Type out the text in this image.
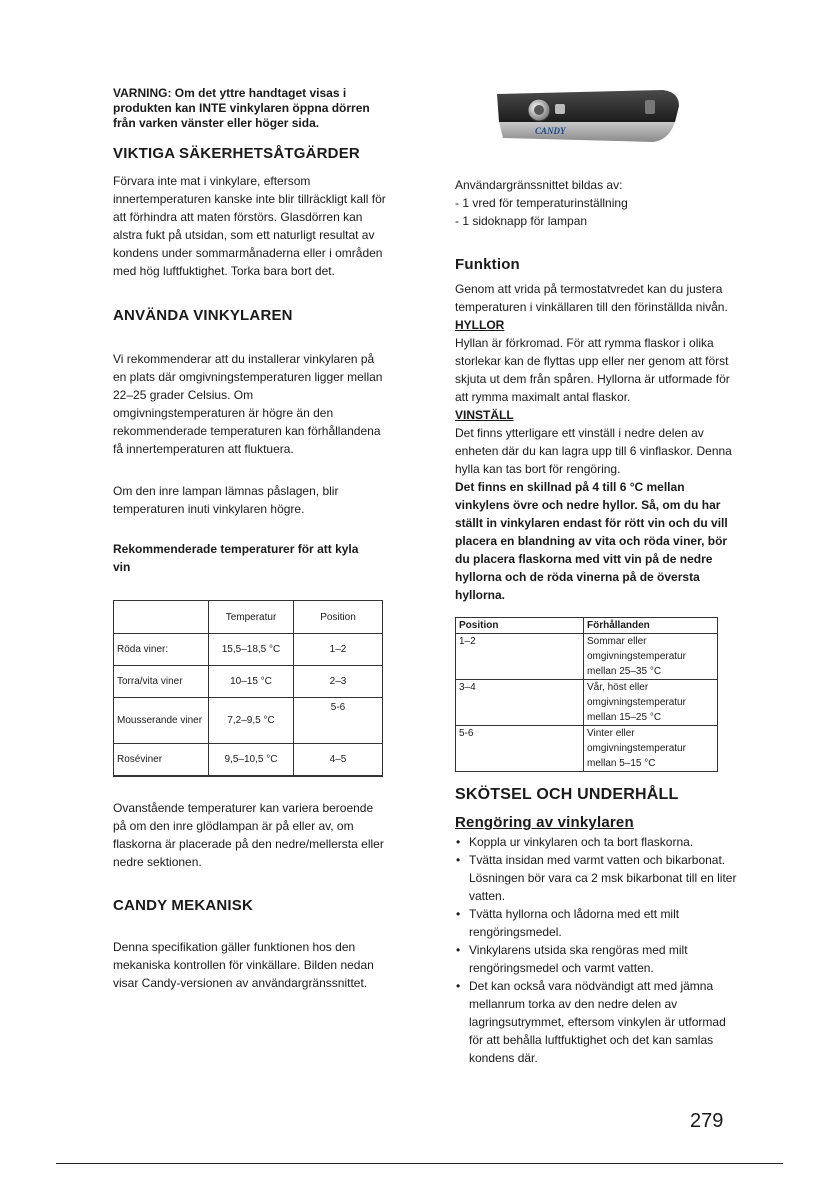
VARNING: Om det yttre handtaget visas i produkten kan INTE vinkylaren öppna dörren från varken vänster eller höger sida.

VIKTIGA SÄKERHETSÅTGÄRDER

Förvara inte mat i vinkylare, eftersom innertemperaturen kanske inte blir tillräckligt kall för att förhindra att maten förstörs. Glasdörren kan alstra fukt på utsidan, som ett naturligt resultat av kondens under sommarmånaderna eller i områden med hög luftfuktighet. Torka bara bort det.

ANVÄNDA VINKYLAREN

Vi rekommenderar att du installerar vinkylaren på en plats där omgivningstemperaturen ligger mellan 22–25 grader Celsius. Om omgivningstemperaturen är högre än den rekommenderade temperaturen kan förhållandena få innertemperaturen att fluktuera.

Om den inre lampan lämnas påslagen, blir temperaturen inuti vinkylaren högre.

Rekommenderade temperaturer för att kyla vin

	Temperatur	Position
Röda viner:	15,5–18,5 °C	1–2
Torra/vita viner	10–15 °C	2–3
Mousserande viner	7,2–9,5 °C	5-6
Roséviner	9,5–10,5 °C	4–5

Ovanstående temperaturer kan variera beroende på om den inre glödlampan är på eller av, om flaskorna är placerade på den nedre/mellersta eller nedre sektionen.

CANDY MEKANISK

Denna specifikation gäller funktionen hos den mekaniska kontrollen för vinkällare. Bilden nedan visar Candy-versionen av användargränssnittet.

CANDY

Användargränssnittet bildas av:

- 1 vred för temperaturinställning

- 1 sidoknapp för lampan

Funktion

Genom att vrida på termostatvredet kan du justera temperaturen i vinkällaren till den förinställda nivån.

HYLLOR

Hyllan är förkromad. För att rymma flaskor i olika storlekar kan de flyttas upp eller ner genom att först skjuta ut dem från spåren. Hyllorna är utformade för att rymma maximalt antal flaskor.

VINSTÄLL

Det finns ytterligare ett vinställ i nedre delen av enheten där du kan lagra upp till 6 vinflaskor. Denna hylla kan tas bort för rengöring.

Det finns en skillnad på 4 till 6 °C mellan vinkylens övre och nedre hyllor. Så, om du har ställt in vinkylaren endast för rött vin och du vill placera en blandning av vita och röda viner, bör du placera flaskorna med vitt vin på de nedre hyllorna och de röda vinerna på de översta hyllorna.

Position	Förhållanden
1–2	Sommar eller omgivningstemperatur mellan 25–35 °C
3–4	Vår, höst eller omgivningstemperatur mellan 15–25 °C
5-6	Vinter eller omgivningstemperatur mellan 5–15 °C

SKÖTSEL OCH UNDERHÅLL

Rengöring av vinkylaren

• Koppla ur vinkylaren och ta bort flaskorna.
• Tvätta insidan med varmt vatten och bikarbonat. Lösningen bör vara ca 2 msk bikarbonat till en liter vatten.
• Tvätta hyllorna och lådorna med ett milt rengöringsmedel.
• Vinkylarens utsida ska rengöras med milt rengöringsmedel och varmt vatten.
• Det kan också vara nödvändigt att med jämna mellanrum torka av den nedre delen av lagringsutrymmet, eftersom vinkylen är utformad för att behålla luftfuktighet och det kan samlas kondens där.
279
